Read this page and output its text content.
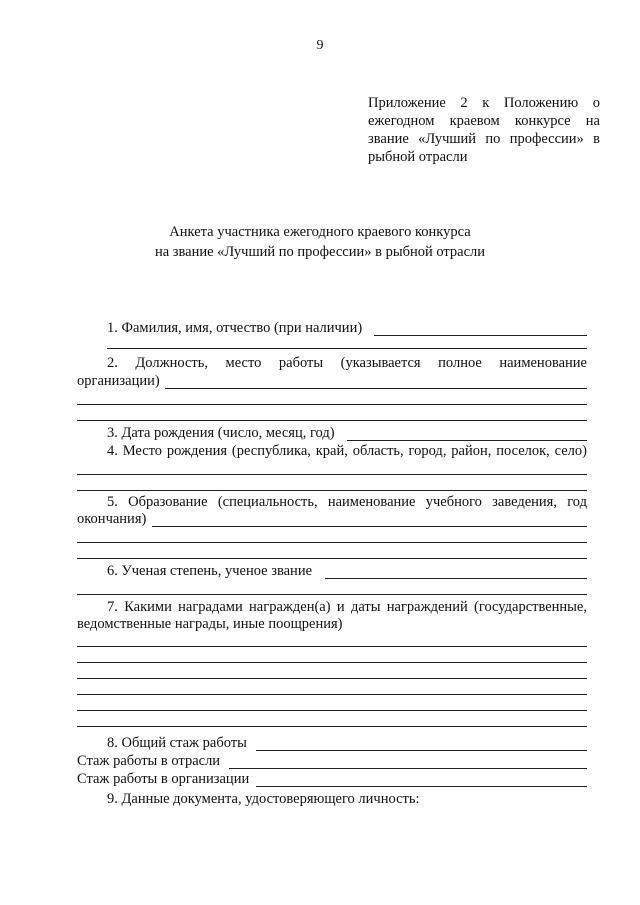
9
Приложение 2 к Положению о ежегодном краевом конкурсе на звание «Лучший по профессии» в рыбной отрасли
Анкета участника ежегодного краевого конкурса
на звание «Лучший по профессии» в рыбной отрасли
1. Фамилия, имя, отчество (при наличии)
2. Должность, место работы (указывается полное наименование
организации)
3. Дата рождения (число, месяц, год)
4. Место рождения (республика, край, область, город, район, поселок, село)
5. Образование (специальность, наименование учебного заведения, год
окончания)
6. Ученая степень, ученое звание
7. Какими наградами награжден(а) и даты награждений (государственные,
ведомственные награды, иные поощрения)
8. Общий стаж работы
Стаж работы в отрасли
Стаж работы в организации
9. Данные документа, удостоверяющего личность:
